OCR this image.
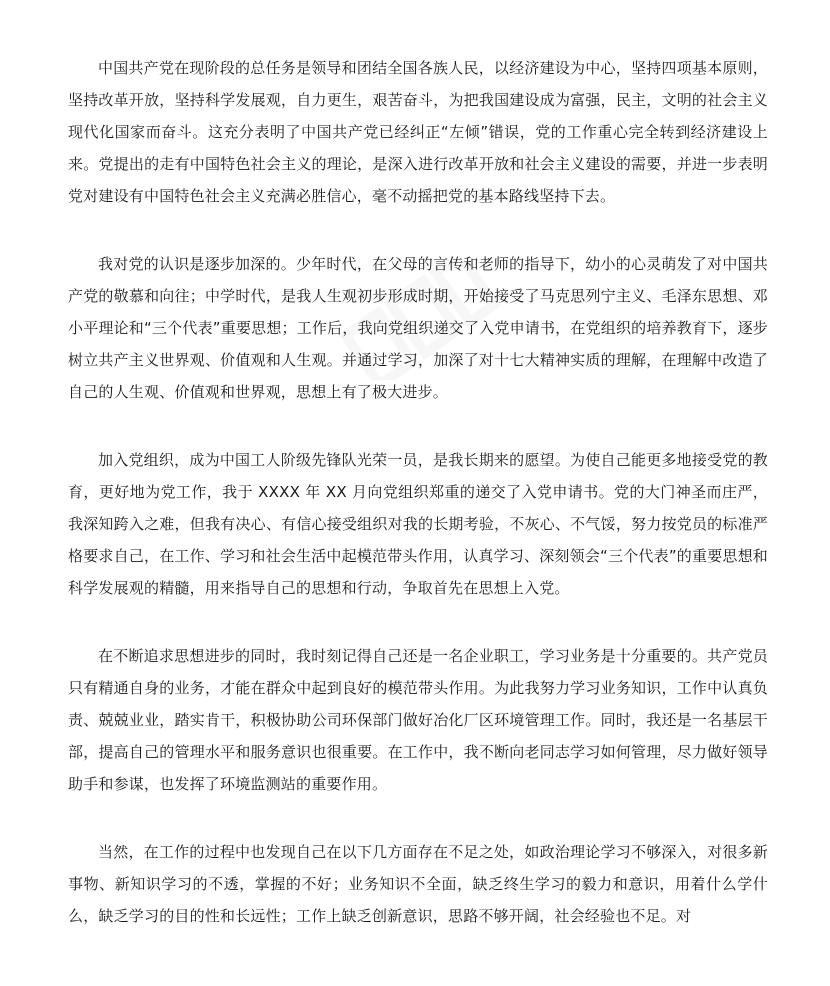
中国共产党在现阶段的总任务是领导和团结全国各族人民，以经济建设为中心，坚持四项基本原则，坚持改革开放，坚持科学发展观，自力更生，艰苦奋斗，为把我国建设成为富强，民主，文明的社会主义现代化国家而奋斗。这充分表明了中国共产党已经纠正“左倾”错误，党的工作重心完全转到经济建设上来。党提出的走有中国特色社会主义的理论，是深入进行改革开放和社会主义建设的需要，并进一步表明党对建设有中国特色社会主义充满必胜信心，毫不动摇把党的基本路线坚持下去。

我对党的认识是逐步加深的。少年时代，在父母的言传和老师的指导下，幼小的心灵萌发了对中国共产党的敬慕和向往；中学时代，是我人生观初步形成时期，开始接受了马克思列宁主义、毛泽东思想、邓小平理论和“三个代表”重要思想；工作后，我向党组织递交了入党申请书，在党组织的培养教育下，逐步树立共产主义世界观、价值观和人生观。并通过学习，加深了对十七大精神实质的理解，在理解中改造了自己的人生观、价值观和世界观，思想上有了极大进步。

加入党组织，成为中国工人阶级先锋队光荣一员，是我长期来的愿望。为使自己能更多地接受党的教育，更好地为党工作，我于 XXXX 年 XX 月向党组织郑重的递交了入党申请书。党的大门神圣而庄严，我深知跨入之难，但我有决心、有信心接受组织对我的长期考验，不灰心、不气馁，努力按党员的标准严格要求自己，在工作、学习和社会生活中起模范带头作用，认真学习、深刻领会“三个代表”的重要思想和科学发展观的精髓，用来指导自己的思想和行动，争取首先在思想上入党。

在不断追求思想进步的同时，我时刻记得自己还是一名企业职工，学习业务是十分重要的。共产党员只有精通自身的业务，才能在群众中起到良好的模范带头作用。为此我努力学习业务知识，工作中认真负责、兢兢业业，踏实肯干，积极协助公司环保部门做好冶化厂区环境管理工作。同时，我还是一名基层干部，提高自己的管理水平和服务意识也很重要。在工作中，我不断向老同志学习如何管理，尽力做好领导助手和参谋，也发挥了环境监测站的重要作用。

当然，在工作的过程中也发现自己在以下几方面存在不足之处，如政治理论学习不够深入，对很多新事物、新知识学习的不透，掌握的不好；业务知识不全面，缺乏终生学习的毅力和意识，用着什么学什么，缺乏学习的目的性和长远性；工作上缺乏创新意识，思路不够开阔，社会经验也不足。对
